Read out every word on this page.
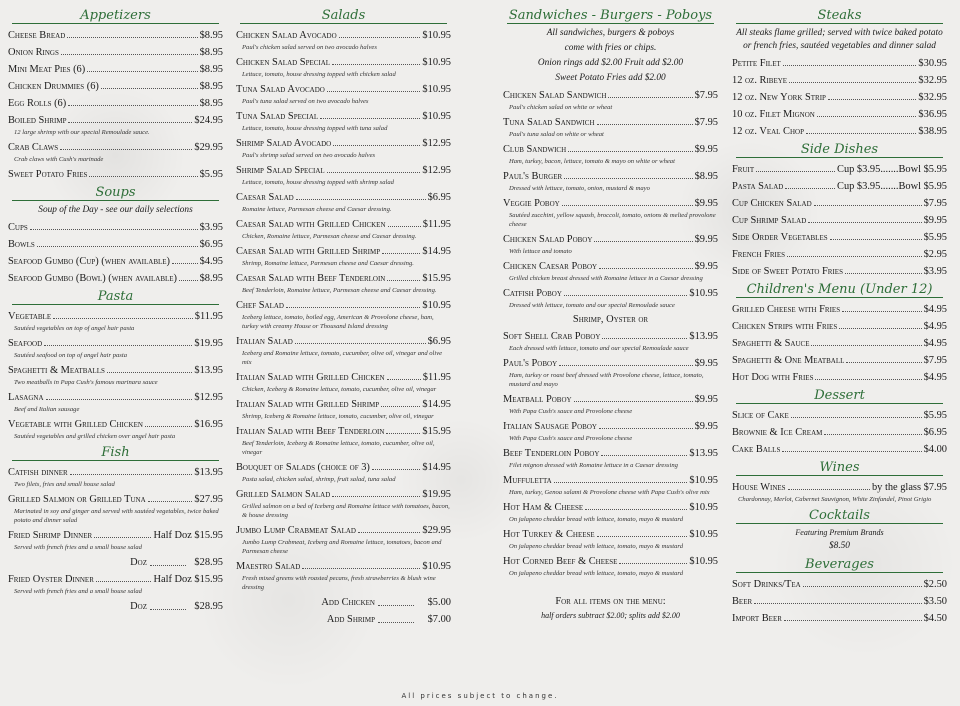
Appetizers
Cheese Bread	$8.95
Onion Rings	$8.95
Mini Meat Pies (6)	$8.95
Chicken Drummies (6)	$8.95
Egg Rolls (6)	$8.95
Boiled Shrimp	$24.95
12 large shrimp with our special Remoulade sauce.
Crab Claws	$29.95
Crab claws with Cush's marinade
Sweet Potato Fries	$5.95
Soups
Soup of the Day - see our daily selections
Cups	$3.95
Bowls	$6.95
Seafood Gumbo (Cup) (when available)	$4.95
Seafood Gumbo (Bowl) (when available) $8.95
Pasta
Vegetable	$11.95
Sautéed vegetables on top of angel hair pasta
Seafood	$19.95
Sautéed seafood on top of angel hair pasta
Spaghetti & Meatballs	$13.95
Two meatballs in Papa Cush's famous marinara sauce
Lasagna	$12.95
Beef and Italian sausage
Vegetable with Grilled Chicken	$16.95
Sautéed vegetables and grilled chicken over angel hair pasta
Fish
Catfish dinner	$13.95
Two filets, fries and small house salad
Grilled Salmon or Grilled Tuna	$27.95
Marinated in soy and ginger and served with sautéed vegetables, twice baked potato and dinner salad
Fried Shrimp Dinner	Half Doz $15.95
Served with french fries and a small house salad
Doz	$28.95
Fried Oyster Dinner	Half Doz $15.95
Served with french fries and a small house salad
Doz	$28.95
Salads
Chicken Salad Avocado	$10.95
Paul's chicken salad served on two avocado halves
Chicken Salad Special	$10.95
Lettuce, tomato, house dressing topped with chicken salad
Tuna Salad Avocado	$10.95
Paul's tuna salad served on two avocado halves
Tuna Salad Special	$10.95
Lettuce, tomato, house dressing topped with tuna salad
Shrimp Salad Avocado	$12.95
Paul's shrimp salad served on two avocado halves
Shrimp Salad Special	$12.95
Lettuce, tomato, house dressing topped with shrimp salad
Caesar Salad	$6.95
Romaine lettuce, Parmesan cheese and Caesar dressing.
Caesar Salad with Grilled Chicken	$11.95
Chicken, Romaine lettuce, Parmesan cheese and Caesar dressing.
Caesar Salad with Grilled Shrimp	$14.95
Shrimp, Romaine lettuce, Parmesan cheese and Caesar dressing.
Caesar Salad with Beef Tenderloin	$15.95
Beef Tenderloin, Romaine lettuce, Parmesan cheese and Caesar dressing.
Chef Salad	$10.95
Iceberg lettuce, tomato, boiled egg, American & Provolone cheese, ham, turkey with creamy House or Thousand Island dressing
Italian Salad	$6.95
Iceberg and Romaine lettuce, tomato, cucumber, olive oil, vinegar and olive mix
Italian Salad with Grilled Chicken	$11.95
Chicken, Iceberg & Romaine lettuce, tomato, cucumber, olive oil, vinegar
Italian Salad with Grilled Shrimp	$14.95
Shrimp, Iceberg & Romaine lettuce, tomato, cucumber, olive oil, vinegar
Italian Salad with Beef Tenderloin	$15.95
Beef Tenderloin, Iceberg & Romaine lettuce, tomato, cucumber, olive oil, vinegar
Bouquet of Salads (choice of 3)	$14.95
Pasta salad, chicken salad, shrimp, fruit salad, tuna salad
Grilled Salmon Salad	$19.95
Grilled salmon on a bed of Iceberg and Romaine lettuce with tomatoes, bacon, & house dressing
Jumbo Lump Crabmeat Salad	$29.95
Jumbo Lump Crabmeat, Iceberg and Romaine lettuce, tomatoes, bacon and Parmesan cheese
Maestro Salad	$10.95
Fresh mixed greens with roasted pecans, fresh strawberries & blush wine dressing
Add Chicken	$5.00
Add Shrimp	$7.00
Sandwiches - Burgers - Poboys
All sandwiches, burgers & poboys
come with fries or chips.
Onion rings add $2.00 Fruit add $2.00
Sweet Potato Fries add $2.00
Chicken Salad Sandwich	$7.95
Paul's chicken salad on white or wheat
Tuna Salad Sandwich	$7.95
Paul's tuna salad on white or wheat
Club Sandwich	$9.95
Ham, turkey, bacon, lettuce, tomato & mayo on white or wheat
Paul's Burger	$8.95
Dressed with lettuce, tomato, onion, mustard & mayo
Veggie Poboy	$9.95
Sautéed zucchini, yellow squash, broccoli, tomato, onions & melted provolone cheese
Chicken Salad Poboy	$9.95
With lettuce and tomato
Chicken Caesar Poboy	$9.95
Grilled chicken breast dressed with Romaine lettuce in a Caesar dressing
Catfish Poboy	$10.95
Dressed with lettuce, tomato and our special Remoulade sauce
Shrimp, Oyster or
Soft Shell Crab Poboy	$13.95
Each dressed with lettuce, tomato and our special Remoulade sauce
Paul's Poboy	$9.95
Ham, turkey or roast beef dressed with Provolone cheese, lettuce, tomato, mustard and mayo
Meatball Poboy	$9.95
With Papa Cush's sauce and Provolone cheese
Italian Sausage Poboy	$9.95
With Papa Cush's sauce and Provolone cheese
Beef Tenderloin Poboy	$13.95
Filet mignon dressed with Romaine lettuce in a Caesar dressing
Muffuletta	$10.95
Ham, turkey, Genoa salami & Provolone cheese with Papa Cush's olive mix
Hot Ham & Cheese	$10.95
On jalapeno cheddar bread with lettuce, tomato, mayo & mustard
Hot Turkey & Cheese	$10.95
On jalapeno cheddar bread with lettuce, tomato, mayo & mustard
Hot Corned Beef & Cheese	$10.95
On jalapeno cheddar bread with lettuce, tomato, mayo & mustard
For all items on the menu:
half orders subtract $2.00; splits add $2.00
Steaks
All steaks flame grilled; served with twice baked potato or french fries, sautéed vegetables and dinner salad
Petite Filet	$30.95
12 oz. Ribeye	$32.95
12 oz. New York Strip	$32.95
10 oz. Filet Mignon	$36.95
12 oz. Veal Chop	$38.95
Side Dishes
Fruit	Cup $3.95.......Bowl $5.95
Pasta Salad	Cup $3.95.......Bowl $5.95
Cup Chicken Salad	$7.95
Cup Shrimp Salad	$9.95
Side Order Vegetables	$5.95
French Fries	$2.95
Side of Sweet Potato Fries	$3.95
Children's Menu (Under 12)
Grilled Cheese with Fries	$4.95
Chicken Strips with Fries	$4.95
Spaghetti & Sauce	$4.95
Spaghetti & One Meatball	$7.95
Hot Dog with Fries	$4.95
Dessert
Slice of Cake	$5.95
Brownie & Ice Cream	$6.95
Cake Balls	$4.00
Wines
House Wines	by the glass $7.95
Chardonnay, Merlot, Cabernet Sauvignon, White Zinfandel, Pinot Grigio
Cocktails
Featuring Premium Brands
$8.50
Beverages
Soft Drinks/Tea	$2.50
Beer	$3.50
Import Beer	$4.50
All prices subject to change.
